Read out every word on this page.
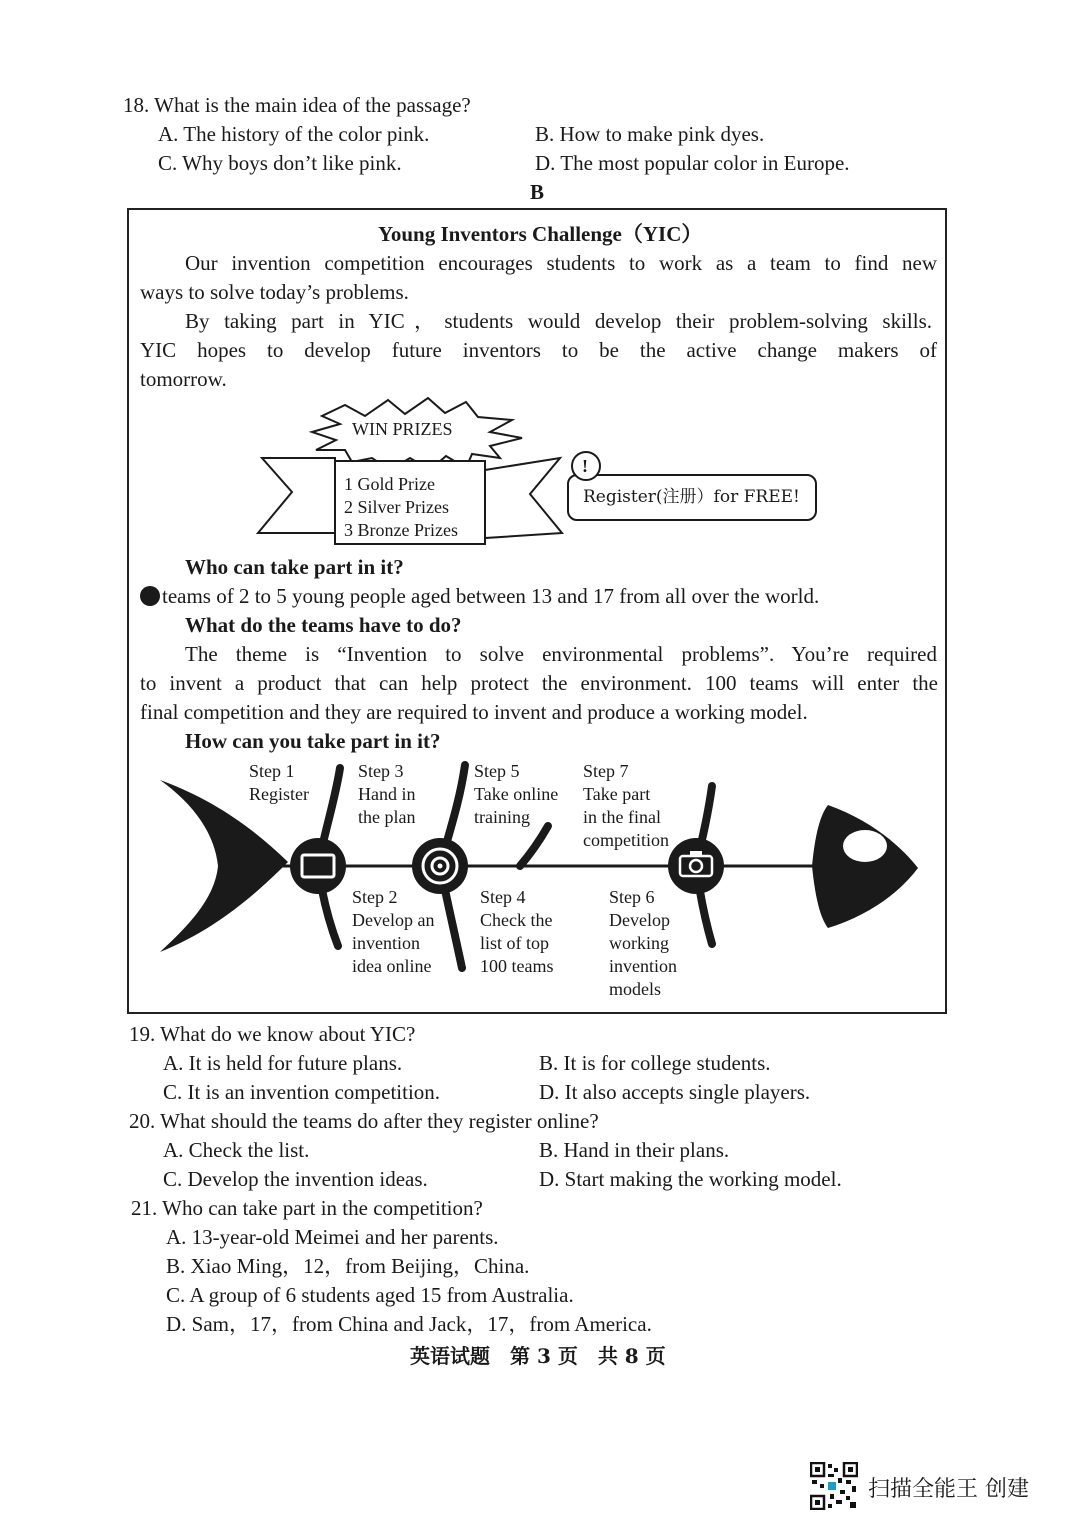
18. What is the main idea of the passage?
A. The history of the color pink.	B. How to make pink dyes.
C. Why boys don’t like pink.	D. The most popular color in Europe.
B
Young Inventors Challenge（YIC）
Our invention competition encourages students to work as a team to find new
ways to solve today’s problems.
By taking part in YIC，students would develop their problem-solving skills.
YIC hopes to develop future inventors to be the active change makers of
tomorrow.
WIN PRIZES
1 Gold Prize
2 Silver Prizes
3 Bronze Prizes
!
Register(注册）for FREE!
Who can take part in it?
teams of 2 to 5 young people aged between 13 and 17 from all over the world.
What do the teams have to do?
The theme is “Invention to solve environmental problems”. You’re required
to invent a product that can help protect the environment. 100 teams will enter the
final competition and they are required to invent and produce a working model.
How can you take part in it?
Step 1
Register
Step 3
Hand in
the plan
Step 5
Take online
training
Step 7
Take part
in the final
competition
Step 2
Develop an
invention
idea online
Step 4
Check the
list of top
100 teams
Step 6
Develop
working
invention
models
19. What do we know about YIC?
A. It is held for future plans.	B. It is for college students.
C. It is an invention competition.	D. It also accepts single players.
20. What should the teams do after they register online?
A. Check the list.	B. Hand in their plans.
C. Develop the invention ideas.	D. Start making the working model.
21. Who can take part in the competition?
A. 13-year-old Meimei and her parents.
B. Xiao Ming，12，from Beijing，China.
C. A group of 6 students aged 15 from Australia.
D. Sam，17，from China and Jack，17，from America.
英语试题　第 3 页　共 8 页
扫描全能王 创建
